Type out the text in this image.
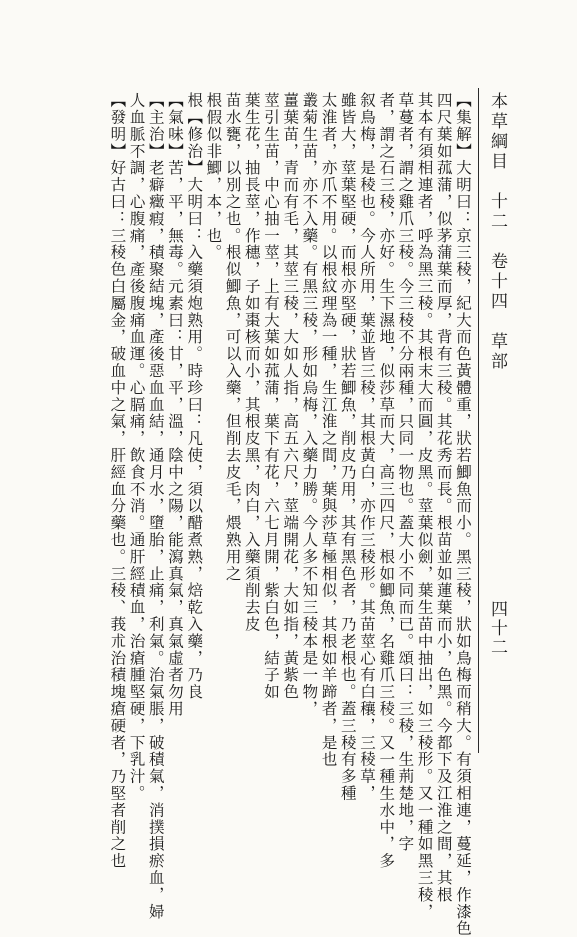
本草綱目　十二　卷十四　草部
四十二
【集解】大明曰：京三稜，紀大而色黃體重，狀若鯽魚而小。黑三稜，狀如鳥梅而稍大。有須相連，蔓延，作漆色
四尺葉如菰蒲，似茅蒲葉而厚，背有三稜。其花秀而長。根苗並如蓮葉而小，色黑。今都下及江淮之間，其根
其本有須相連者，呼為黑三稜。其根末大而圓，皮黑。莖葉似劍，葉生苗中抽出，如三稜形。又一種如黑三稜，
草蔓者，謂之雞爪三稜。今三稜不分兩種，只同一物也。蓋大小不同而已。頌曰：三稜，生荊楚地，字
者，謂之石三稜，亦好。生下濕地，似莎草而大，高三四尺，根如鯽魚，名雞爪三稜。又一種生水中，多
叙鳥梅，是稜也。今人所用，葉並皆三稜，其根黃白，亦作三稜形。其苗莖心有白穰，三稜草，
雖皆大，莖葉堅硬，而根亦堅硬，狀若鯽魚，削皮乃用，其有黑色者，乃老根也。蓋三稜有多種
太淮者，亦爪不用。以根紋理為一種，生江淮之間，葉與莎草極相似，其根如羊蹄者，是也
叢菊生苗，亦不入藥。有黑三稜，形如烏梅，入藥力勝。今人多不知三稜本是一物，
薑葉苗，青而有毛，其莖三稜，大如人指，高五六尺，莖端開花，大如指，黃紫色
莖引生苗，中心抽一莖，上有大葉如菰蒲，葉下有花，六七月開，紫白色，結子如
葉生花，抽長莖，作穗，子如棗核而小，其根皮黑，肉白，入藥須削去皮
苗水甕，以別之也。根似鯽魚，可以入藥，但削去皮毛，煨熟用之
根假似非鯽，本，也。
根【修治】大明曰：入藥須炮熟用。時珍曰：凡使，須以醋煮熟，焙乾入藥，乃良
【氣味】苦，平，無毒。元素曰：甘，平，溫，陰中之陽，能瀉真氣，真氣虛者勿用
【主治】老癖癥瘕，積聚結塊，產後惡血血結，通月水，墮胎，止痛，利氣。治氣脹，破積氣，消撲損瘀血，婦
人血脈不調，心腹痛，產後腹痛血運。心膈痛，飲食不消。通肝經積血，治瘡腫堅硬，下乳汁。
【發明】好古曰：三稜色白屬金，破血中之氣，肝經血分藥也。三稜、莪朮治積塊瘡硬者，乃堅者削之也
